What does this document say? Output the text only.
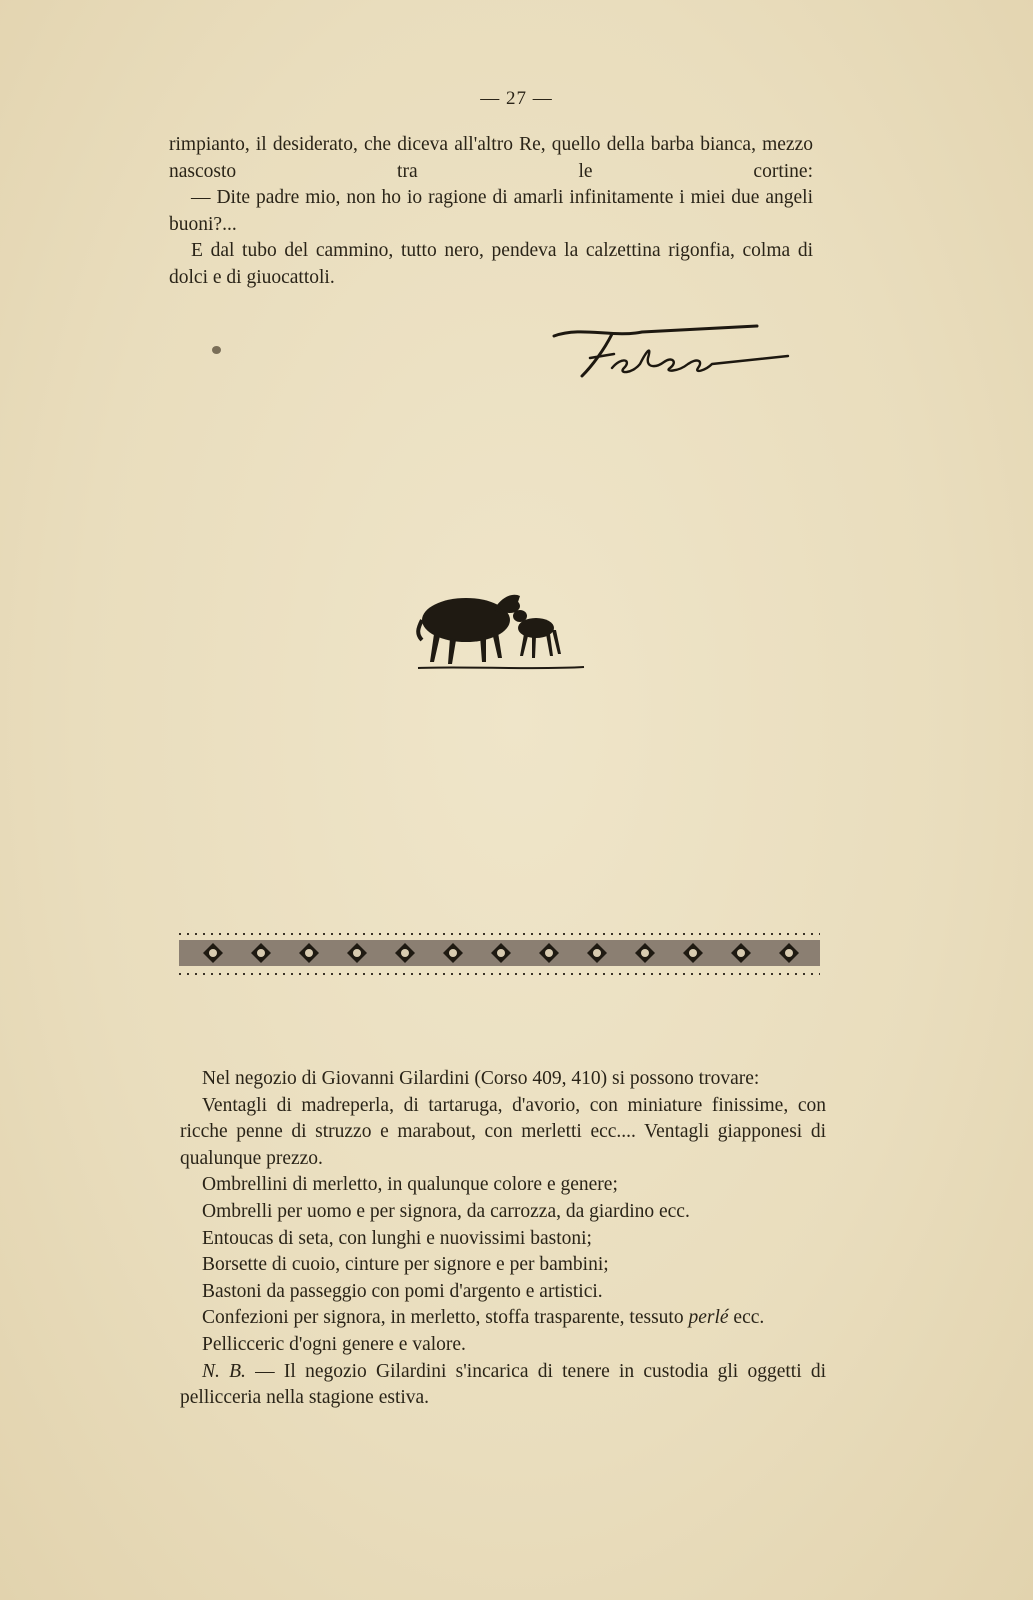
— 27 —

rimpianto, il desiderato, che diceva all'altro Re, quello della barba bianca, mezzo nascosto tra le cortine:

— Dite padre mio, non ho io ragione di amarli infinitamente i miei due angeli buoni?...

E dal tubo del cammino, tutto nero, pendeva la calzettina rigonfia, colma di dolci e di giuocattoli.

Nel negozio di Giovanni Gilardini (Corso 409, 410) si possono trovare:

Ventagli di madreperla, di tartaruga, d'avorio, con miniature finissime, con ricche penne di struzzo e marabout, con merletti ecc.... Ventagli giapponesi di qualunque prezzo.

Ombrellini di merletto, in qualunque colore e genere;

Ombrelli per uomo e per signora, da carrozza, da giardino ecc.

Entoucas di seta, con lunghi e nuovissimi bastoni;

Borsette di cuoio, cinture per signore e per bambini;

Bastoni da passeggio con pomi d'argento e artistici.

Confezioni per signora, in merletto, stoffa trasparente, tessuto perlé ecc.

Pellicceric d'ogni genere e valore.

N. B. — Il negozio Gilardini s'incarica di tenere in custodia gli oggetti di pellicceria nella stagione estiva.
